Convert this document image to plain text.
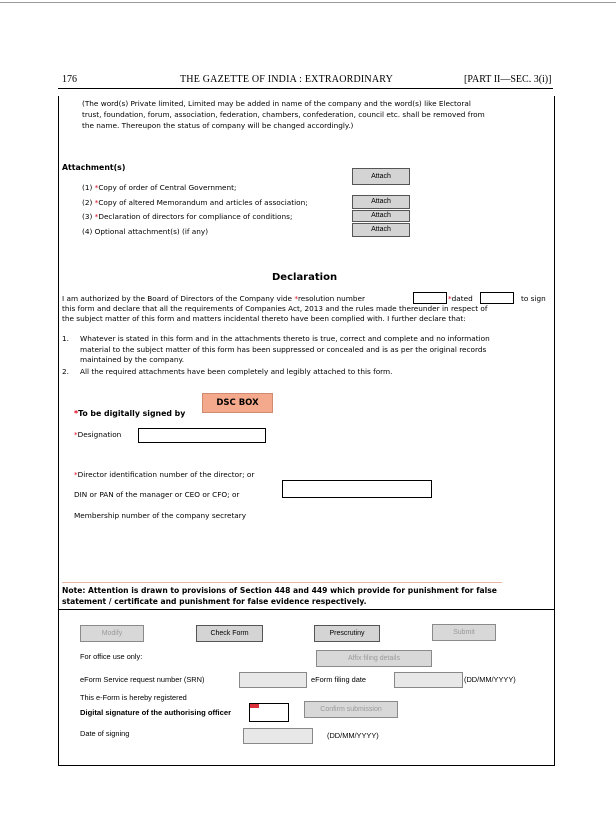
176	THE GAZETTE OF INDIA : EXTRAORDINARY	[PART II—SEC. 3(i)]
(The word(s) Private limited, Limited may be added in name of the company and the word(s) like Electoral
trust, foundation, forum, association, federation, chambers, confederation, council etc. shall be removed from
the name. Thereupon the status of company will be changed accordingly.)
Attachment(s)
(1) *Copy of order of Central Government;
(2) *Copy of altered Memorandum and articles of association;
(3) *Declaration of directors for compliance of conditions;
(4) Optional attachment(s) (if any)
Attach
Attach
Attach
Attach
Declaration
I am authorized by the Board of Directors of the Company vide *resolution number	*dated	to sign
this form and declare that all the requirements of Companies Act, 2013 and the rules made thereunder in respect of
the subject matter of this form and matters incidental thereto have been complied with. I further declare that:
1. Whatever is stated in this form and in the attachments thereto is true, correct and complete and no information
material to the subject matter of this form has been suppressed or concealed and is as per the original records
maintained by the company.
2. All the required attachments have been completely and legibly attached to this form.
*To be digitally signed by
DSC BOX
*Designation
*Director identification number of the director; or
DIN or PAN of the manager or CEO or CFO; or
Membership number of the company secretary
Note: Attention is drawn to provisions of Section 448 and 449 which provide for punishment for false
statement / certificate and punishment for false evidence respectively.
Modify	Check Form	Prescrutiny	Submit
For office use only:	Affix filing details
eForm Service request number (SRN)	eForm filing date	(DD/MM/YYYY)
This e-Form is hereby registered
Digital signature of the authorising officer	Confirm submission
Date of signing	(DD/MM/YYYY)
